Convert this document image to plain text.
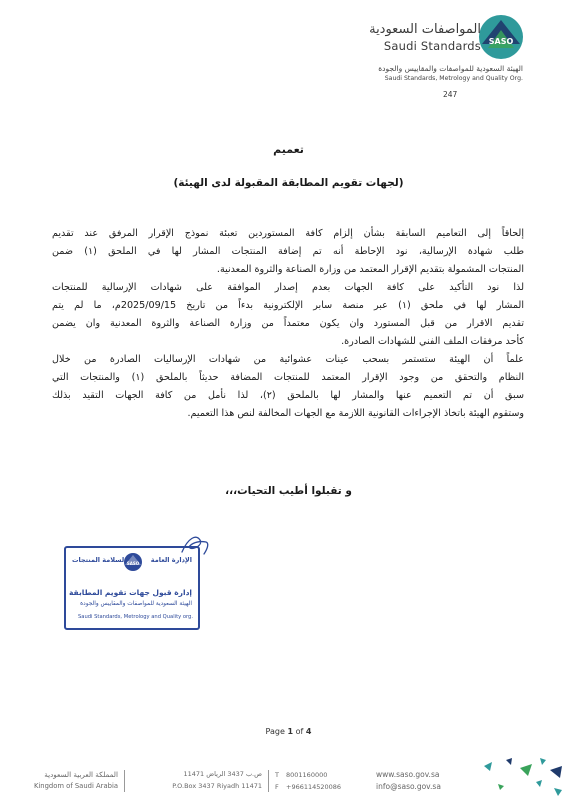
SASO
المواصفات السعودية
Saudi Standards
الهيئة السعودية للمواصفات والمقاييس والجودة
Saudi Standards, Metrology and Quality Org.
247
تعميم
(لجهات تقويم المطابقة المقبولة لدى الهيئة)
إلحاقاً إلى التعاميم السابقة بشأن إلزام كافة المستوردين تعبئة نموذج الإقرار المرفق عند تقديم
طلب شهادة الإرسالية، نود الإحاطة أنه تم إضافة المنتجات المشار لها في الملحق (١) ضمن
المنتجات المشمولة بتقديم الإقرار المعتمد من وزارة الصناعة والثروة المعدنية.
لذا نود التأكيد على كافة الجهات بعدم إصدار الموافقة على شهادات الإرسالية للمنتجات
المشار لها في ملحق (١) عبر منصة سابر الإلكترونية بدءاً من تاريخ 2025/09/15م، ما لم يتم
تقديم الاقرار من قبل المستورد وان يكون معتمداً من وزارة الصناعة والثروة المعدنية وان يضمن
كأحد مرفقات الملف الفني للشهادات الصادرة.
علماً أن الهيئة ستستمر بسحب عينات عشوائية من شهادات الإرساليات الصادرة من خلال
النظام والتحقق من وجود الإقرار المعتمد للمنتجات المضافة حديثاً بالملحق (١) والمنتجات التي
سبق أن تم التعميم عنها والمشار لها بالملحق (٢)، لذا نأمل من كافة الجهات التقيد بذلك
وستقوم الهيئة باتخاذ الإجراءات القانونية اللازمة مع الجهات المخالفة لنص هذا التعميم.
و تقبلوا أطيب التحيات،،،
الإدارة العامة
لسلامة المنتجات SASO
إدارة قبول جهات تقويم المطابقة
الهيئة السعودية للمواصفات والمقاييس والجودة
Saudi Standards, Metrology and Quality org.
Page 1 of 4
المملكة العربية السعودية
Kingdom of Saudi Arabia
ص.ب 3437 الرياض 11471
P.O.Box 3437 Riyadh 11471
T 8001160000
F +966114520086
www.saso.gov.sa
info@saso.gov.sa
